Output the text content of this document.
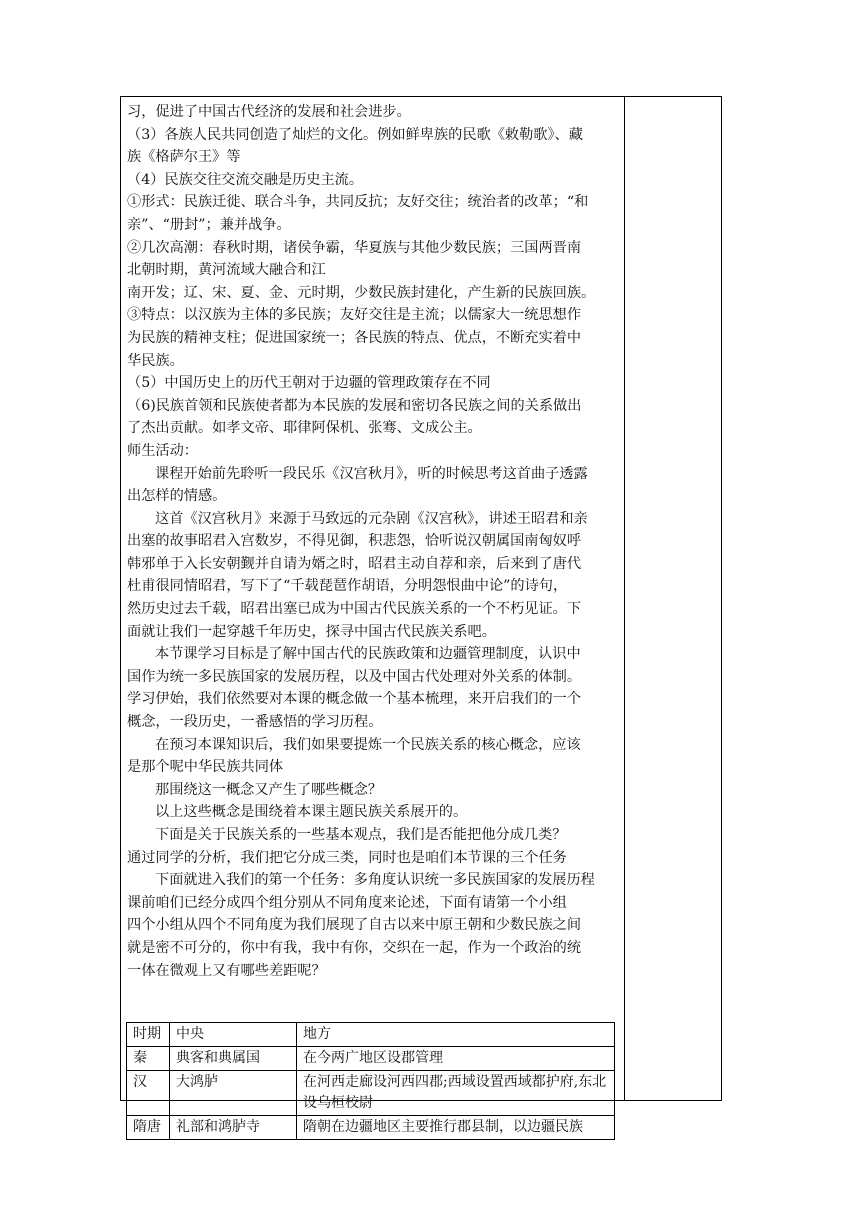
习，促进了中国古代经济的发展和社会进步。

（3）各族人民共同创造了灿烂的文化。例如鲜卑族的民歌《敕勒歌》、藏

族《格萨尔王》等

（4）民族交往交流交融是历史主流。

①形式：民族迁徙、联合斗争，共同反抗；友好交往；统治者的改革；“和

亲”、“册封”；兼并战争。

②几次高潮：春秋时期，诸侯争霸，华夏族与其他少数民族；三国两晋南

北朝时期，黄河流域大融合和江

南开发；辽、宋、夏、金、元时期，少数民族封建化，产生新的民族回族。

③特点：以汉族为主体的多民族；友好交往是主流；以儒家大一统思想作

为民族的精神支柱；促进国家统一；各民族的特点、优点，不断充实着中

华民族。

（5）中国历史上的历代王朝对于边疆的管理政策存在不同

（6)民族首领和民族使者都为本民族的发展和密切各民族之间的关系做出

了杰出贡献。如孝文帝、耶律阿保机、张骞、文成公主。

师生活动：

课程开始前先聆听一段民乐《汉宫秋月》，听的时候思考这首曲子透露

出怎样的情感。

这首《汉宫秋月》来源于马致远的元杂剧《汉宫秋》，讲述王昭君和亲

出塞的故事昭君入宫数岁，不得见御，积悲怨，恰听说汉朝属国南匈奴呼

韩邪单于入长安朝觐并自请为婿之时，昭君主动自荐和亲，后来到了唐代

杜甫很同情昭君，写下了“千载琵琶作胡语，分明怨恨曲中论”的诗句，

然历史过去千载，昭君出塞已成为中国古代民族关系的一个不朽见证。下

面就让我们一起穿越千年历史，探寻中国古代民族关系吧。

本节课学习目标是了解中国古代的民族政策和边疆管理制度，认识中

国作为统一多民族国家的发展历程，以及中国古代处理对外关系的体制。

学习伊始，我们依然要对本课的概念做一个基本梳理，来开启我们的一个

概念，一段历史，一番感悟的学习历程。

在预习本课知识后，我们如果要提炼一个民族关系的核心概念，应该

是那个呢中华民族共同体

那围绕这一概念又产生了哪些概念？

以上这些概念是围绕着本课主题民族关系展开的。

下面是关于民族关系的一些基本观点，我们是否能把他分成几类？

通过同学的分析，我们把它分成三类，同时也是咱们本节课的三个任务

下面就进入我们的第一个任务：多角度认识统一多民族国家的发展历程

课前咱们已经分成四个组分别从不同角度来论述，下面有请第一个小组

四个小组从四个不同角度为我们展现了自古以来中原王朝和少数民族之间

就是密不可分的，你中有我，我中有你，交织在一起，作为一个政治的统

一体在微观上又有哪些差距呢？

时期	中央	地方
秦	典客和典属国	在今两广地区设郡管理
汉	大鸿胪	在河西走廊设河西四郡;西域设置西域都护府,东北设乌桓校尉
隋唐	礼部和鸿胪寺	隋朝在边疆地区主要推行郡县制，以边疆民族
